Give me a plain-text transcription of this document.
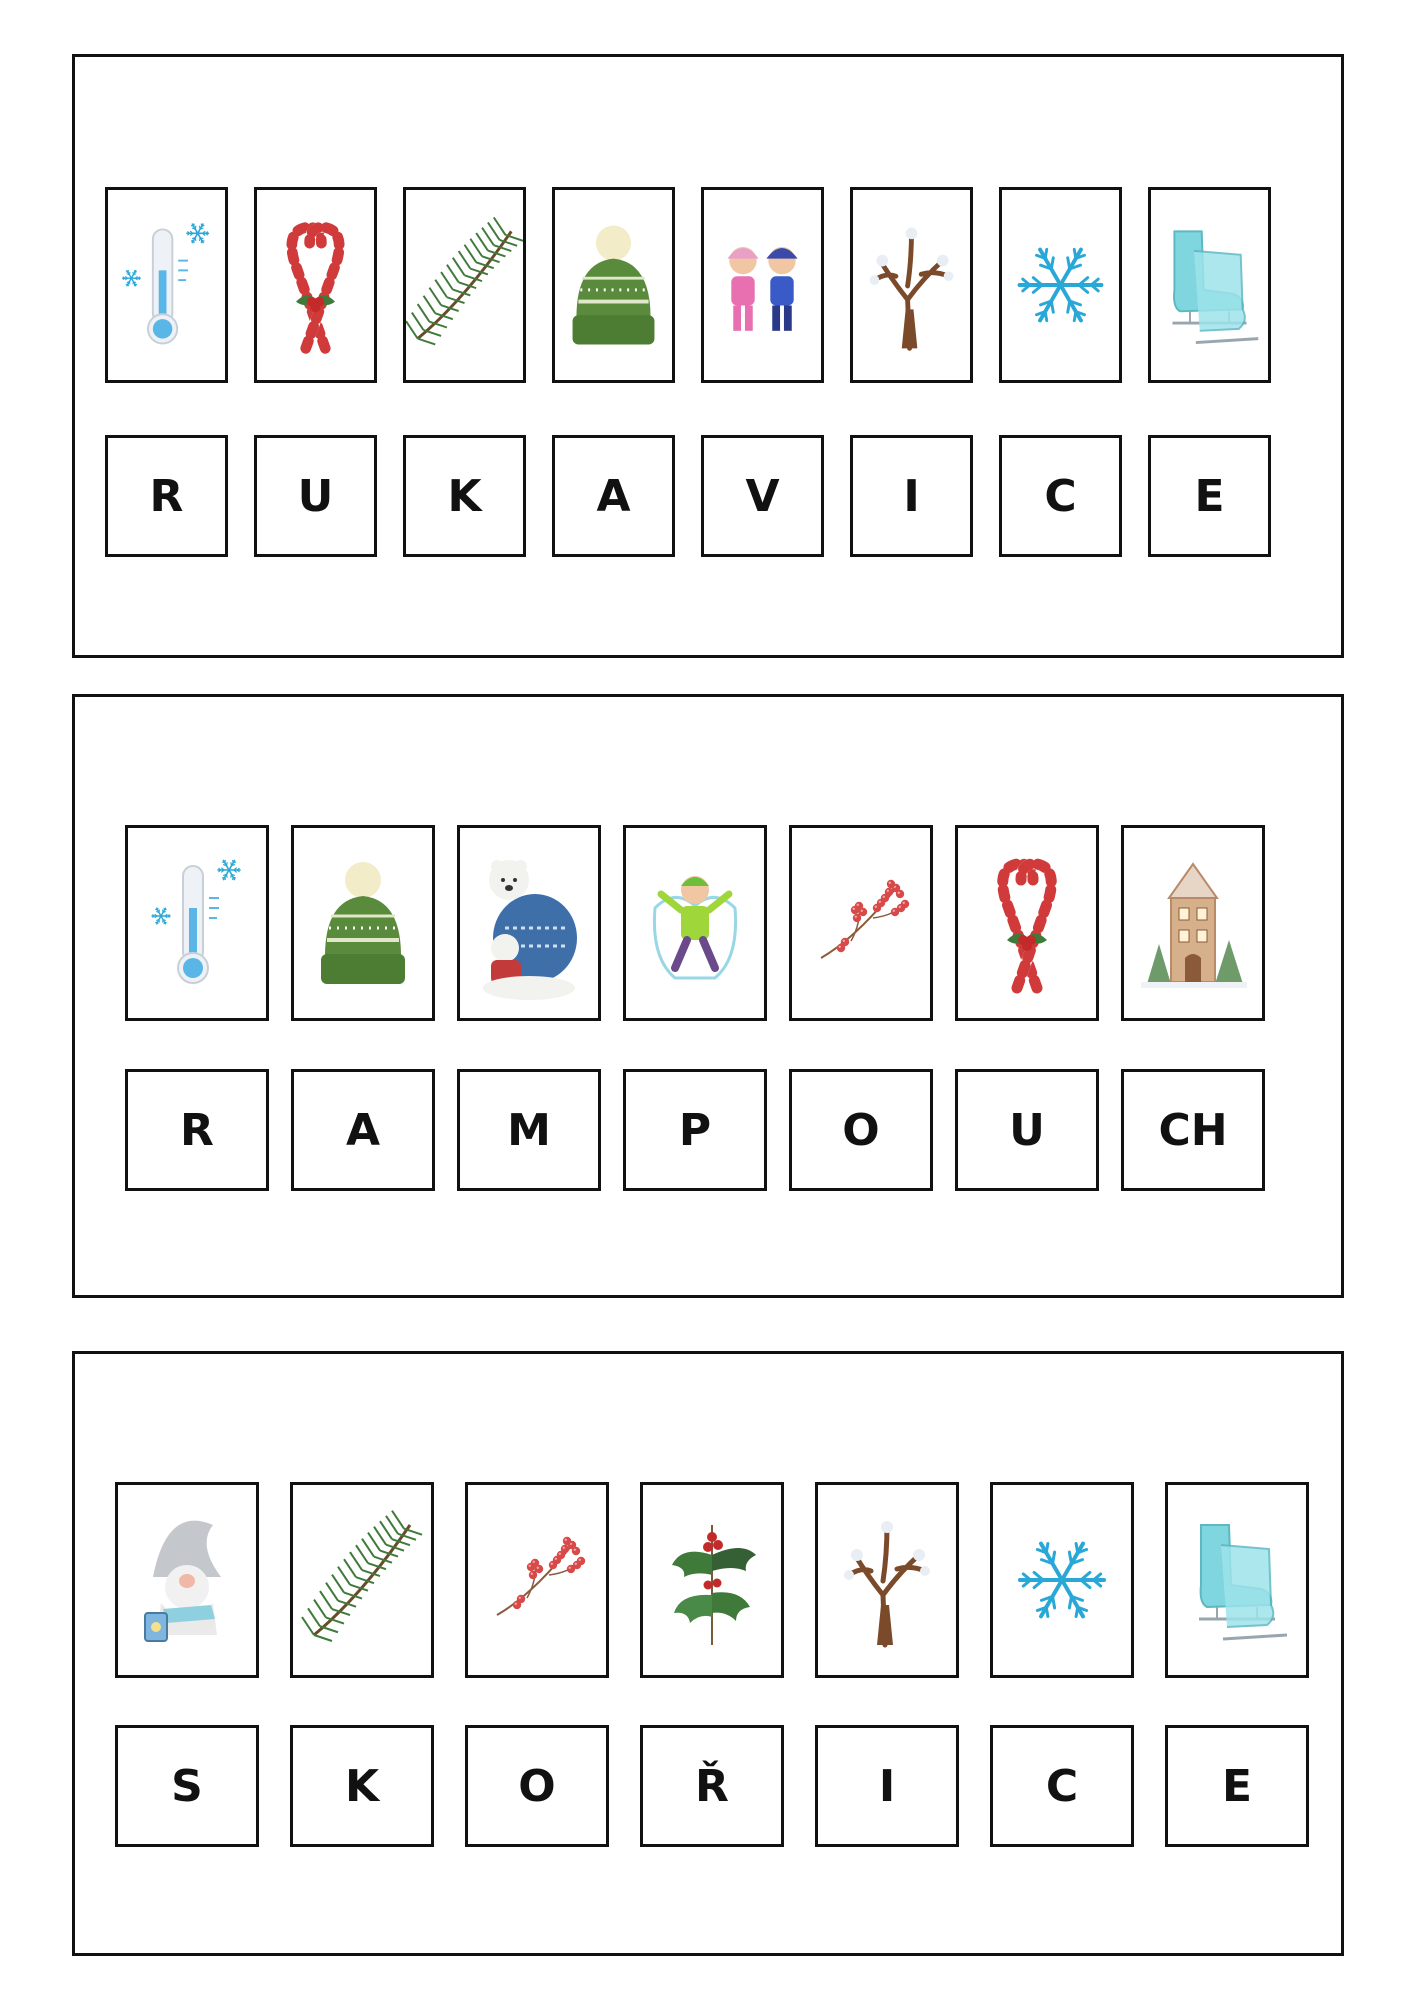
R	U	K	A	V	I	C	E
R	A	M	P	O	U	CH
S	K	O	Ř	I	C	E
